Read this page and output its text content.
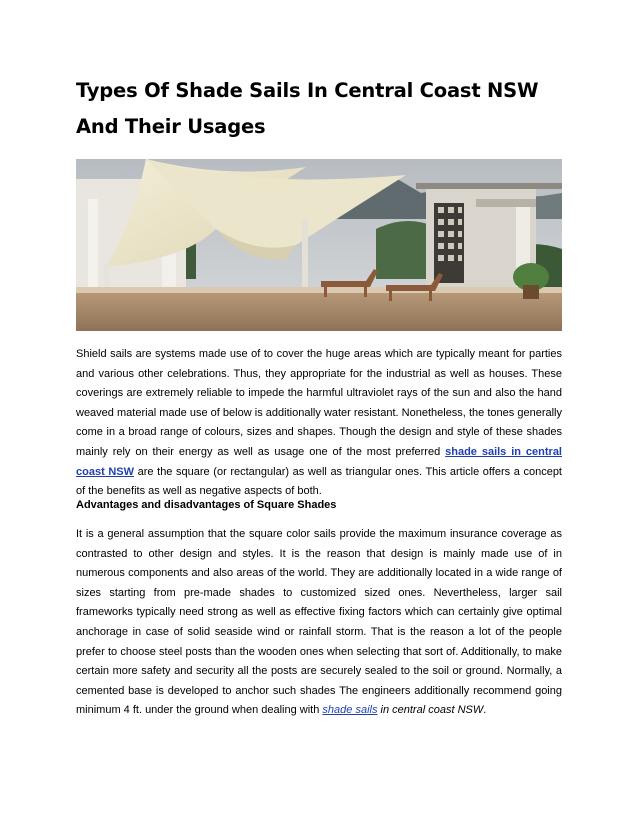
Types Of Shade Sails In Central Coast NSW And Their Usages

Shield sails are systems made use of to cover the huge areas which are typically meant for parties and various other celebrations. Thus, they appropriate for the industrial as well as houses. These coverings are extremely reliable to impede the harmful ultraviolet rays of the sun and also the hand weaved material made use of below is additionally water resistant. Nonetheless, the tones generally come in a broad range of colours, sizes and shapes. Though the design and style of these shades mainly rely on their energy as well as usage one of the most preferred shade sails in central coast NSW are the square (or rectangular) as well as triangular ones. This article offers a concept of the benefits as well as negative aspects of both.

Advantages and disadvantages of Square Shades

It is a general assumption that the square color sails provide the maximum insurance coverage as contrasted to other design and styles. It is the reason that design is mainly made use of in numerous components and also areas of the world. They are additionally located in a wide range of sizes starting from pre-made shades to customized sized ones. Nevertheless, larger sail frameworks typically need strong as well as effective fixing factors which can certainly give optimal anchorage in case of solid seaside wind or rainfall storm. That is the reason a lot of the people prefer to choose steel posts than the wooden ones when selecting that sort of. Additionally, to make certain more safety and security all the posts are securely sealed to the soil or ground. Normally, a cemented base is developed to anchor such shades The engineers additionally recommend going minimum 4 ft. under the ground when dealing with shade sails in central coast NSW.
